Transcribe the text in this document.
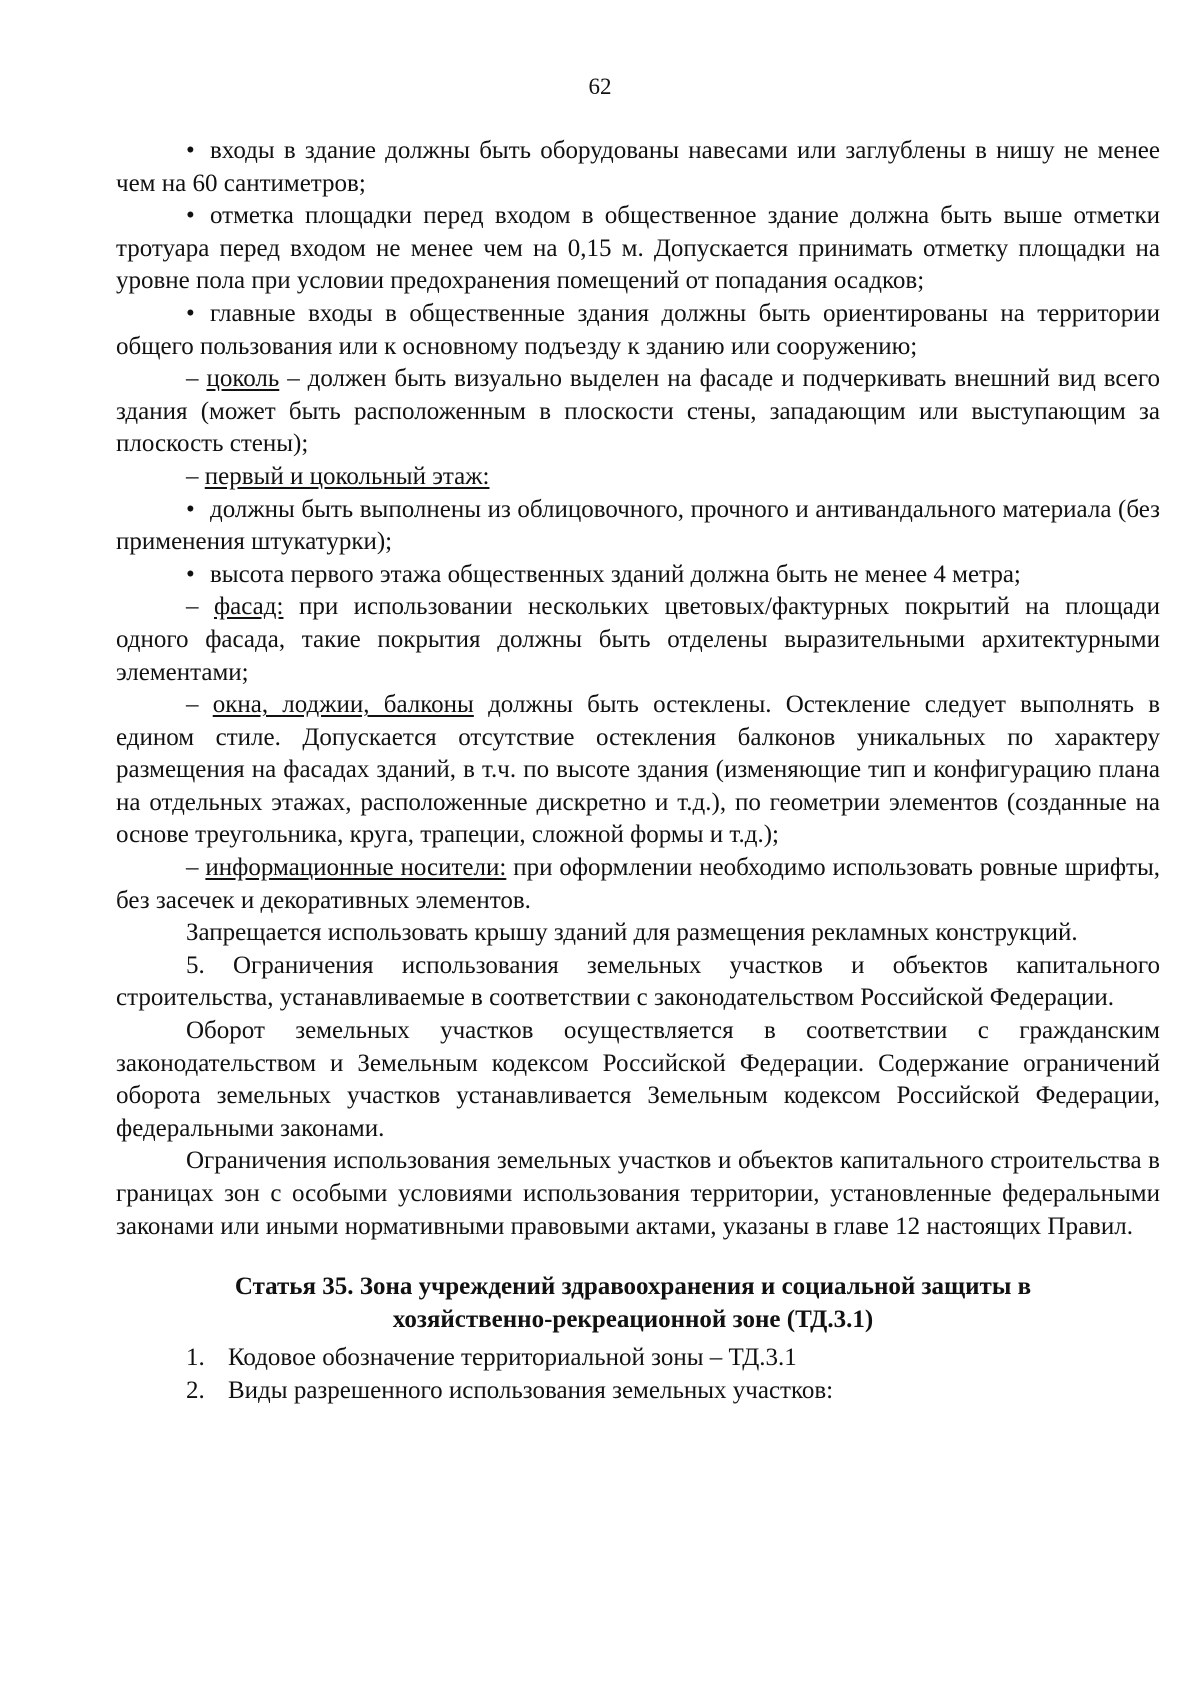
62

• входы в здание должны быть оборудованы навесами или заглублены в нишу не менее чем на 60 сантиметров;

• отметка площадки перед входом в общественное здание должна быть выше отметки тротуара перед входом не менее чем на 0,15 м. Допускается принимать отметку площадки на уровне пола при условии предохранения помещений от попадания осадков;

• главные входы в общественные здания должны быть ориентированы на территории общего пользования или к основному подъезду к зданию или сооружению;

– цоколь – должен быть визуально выделен на фасаде и подчеркивать внешний вид всего здания (может быть расположенным в плоскости стены, западающим или выступающим за плоскость стены);

– первый и цокольный этаж:

• должны быть выполнены из облицовочного, прочного и антивандального материала (без применения штукатурки);

• высота первого этажа общественных зданий должна быть не менее 4 метра;

– фасад: при использовании нескольких цветовых/фактурных покрытий на площади одного фасада, такие покрытия должны быть отделены выразительными архитектурными элементами;

– окна, лоджии, балконы должны быть остеклены. Остекление следует выполнять в едином стиле. Допускается отсутствие остекления балконов уникальных по характеру размещения на фасадах зданий, в т.ч. по высоте здания (изменяющие тип и конфигурацию плана на отдельных этажах, расположенные дискретно и т.д.), по геометрии элементов (созданные на основе треугольника, круга, трапеции, сложной формы и т.д.);

– информационные носители: при оформлении необходимо использовать ровные шрифты, без засечек и декоративных элементов.

Запрещается использовать крышу зданий для размещения рекламных конструкций.

5. Ограничения использования земельных участков и объектов капитального строительства, устанавливаемые в соответствии с законодательством Российской Федерации.

Оборот земельных участков осуществляется в соответствии с гражданским законодательством и Земельным кодексом Российской Федерации. Содержание ограничений оборота земельных участков устанавливается Земельным кодексом Российской Федерации, федеральными законами.

Ограничения использования земельных участков и объектов капитального строительства в границах зон с особыми условиями использования территории, установленные федеральными законами или иными нормативными правовыми актами, указаны в главе 12 настоящих Правил.

Статья 35. Зона учреждений здравоохранения и социальной защиты в
хозяйственно-рекреационной зоне (ТД.3.1)
1. Кодовое обозначение территориальной зоны – ТД.3.1
2. Виды разрешенного использования земельных участков:
